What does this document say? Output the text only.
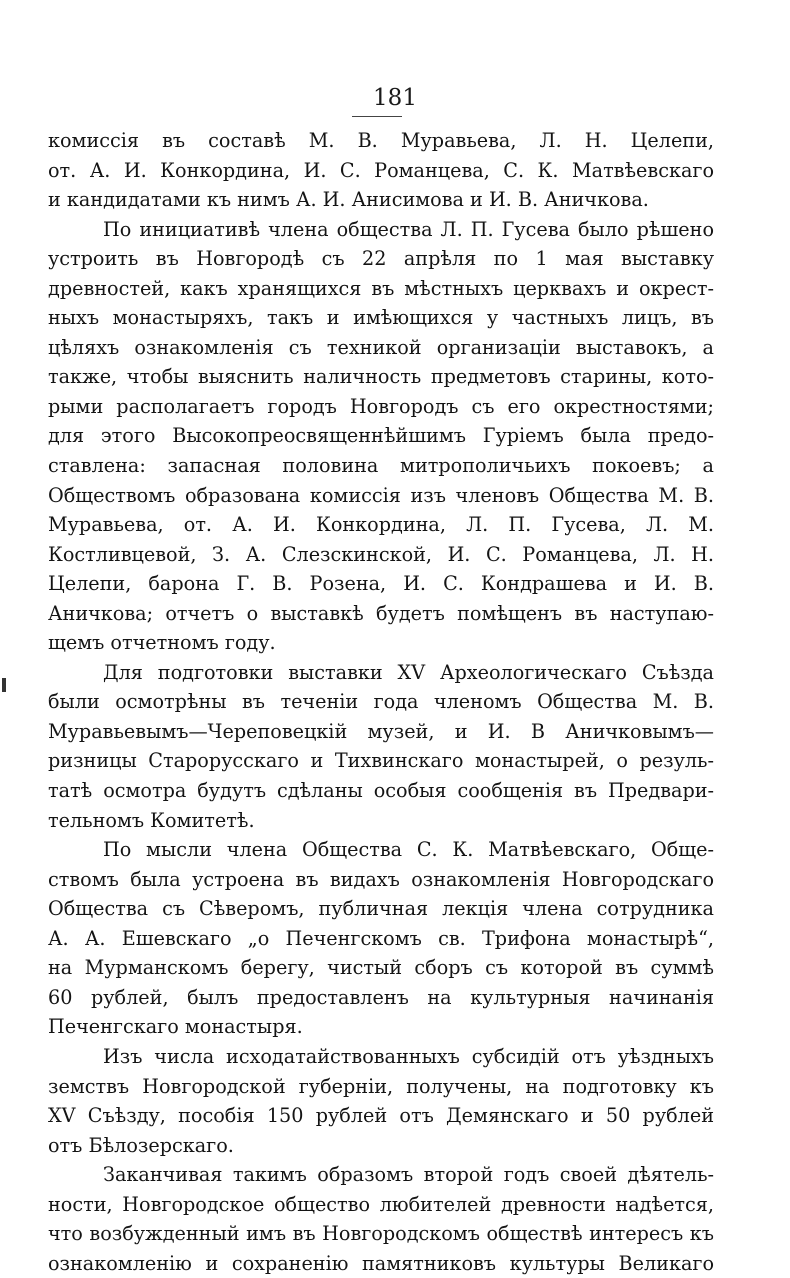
181
комиссія въ составѣ М. В. Муравьева, Л. Н. Целепи,
от. А. И. Конкордина, И. С. Романцева, С. К. Матвѣевскаго
и кандидатами къ нимъ А. И. Анисимова и И. В. Аничкова.
По инициативѣ члена общества Л. П. Гусева было рѣшено
устроить въ Новгородѣ съ 22 апрѣля по 1 мая выставку
древностей, какъ хранящихся въ мѣстныхъ церквахъ и окрест-
ныхъ монастыряхъ, такъ и имѣющихся у частныхъ лицъ, въ
цѣляхъ ознакомленія съ техникой организаціи выставокъ, а
также, чтобы выяснить наличность предметовъ старины, кото-
рыми располагаетъ городъ Новгородъ съ его окрестностями;
для этого Высокопреосвященнѣйшимъ Гуріемъ была предо-
ставлена: запасная половина митрополичьихъ покоевъ; а
Обществомъ образована комиссія изъ членовъ Общества М. В.
Муравьева, от. А. И. Конкордина, Л. П. Гусева, Л. М.
Костливцевой, З. А. Слезскинской, И. С. Романцева, Л. Н.
Целепи, барона Г. В. Розена, И. С. Кондрашева и И. В.
Аничкова; отчетъ о выставкѣ будетъ помѣщенъ въ наступаю-
щемъ отчетномъ году.
Для подготовки выставки XV Археологическаго Съѣзда
были осмотрѣны въ теченіи года членомъ Общества М. В.
Муравьевымъ—Череповецкій музей, и И. В Аничковымъ—
ризницы Старорусскаго и Тихвинскаго монастырей, о резуль-
татѣ осмотра будутъ сдѣланы особыя сообщенія въ Предвари-
тельномъ Комитетѣ.
По мысли члена Общества С. К. Матвѣевскаго, Обще-
ствомъ была устроена въ видахъ ознакомленія Новгородскаго
Общества съ Сѣверомъ, публичная лекція члена сотрудника
А. А. Ешевскаго „о Печенгскомъ св. Трифона монастырѣ“,
на Мурманскомъ берегу, чистый сборъ съ которой въ суммѣ
60 рублей, былъ предоставленъ на культурныя начинанія
Печенгскаго монастыря.
Изъ числа исходатайствованныхъ субсидій отъ уѣздныхъ
земствъ Новгородской губерніи, получены, на подготовку къ
XV Съѣзду, пособія 150 рублей отъ Демянскаго и 50 рублей
отъ Бѣлозерскаго.
Заканчивая такимъ образомъ второй годъ своей дѣятель-
ности, Новгородское общество любителей древности надѣется,
что возбужденный имъ въ Новгородскомъ обществѣ интересъ къ
ознакомленію и сохраненію памятниковъ культуры Великаго
